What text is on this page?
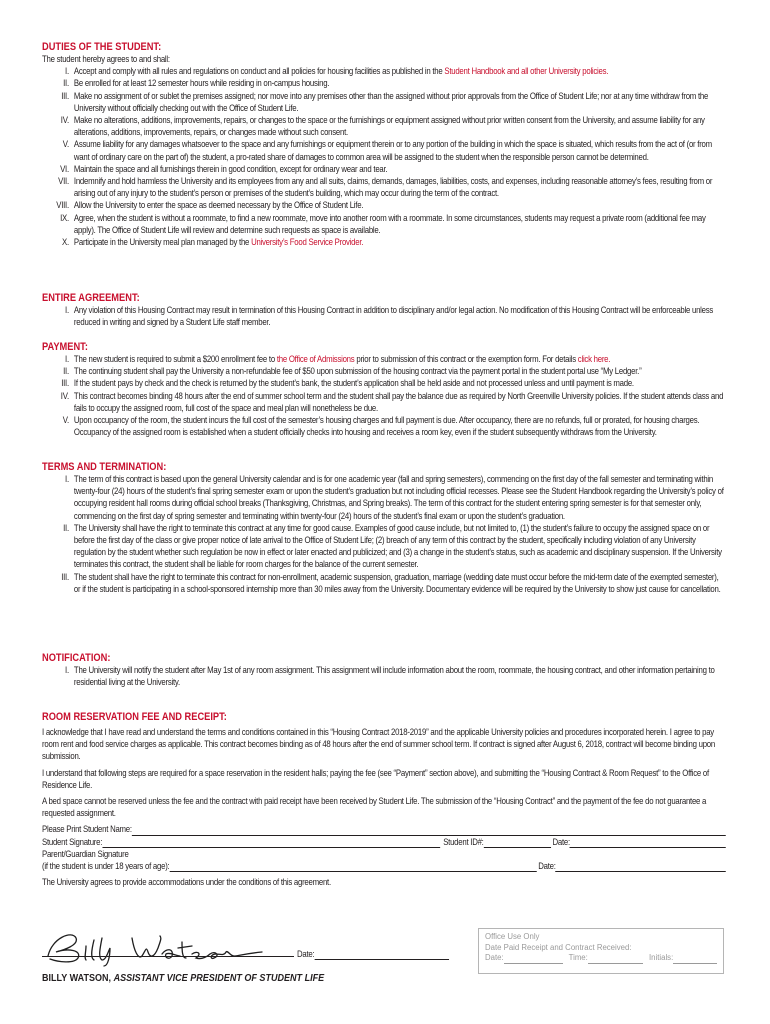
DUTIES OF THE STUDENT:

The student hereby agrees to and shall:
I. Accept and comply with all rules and regulations on conduct and all policies for housing facilities as published in the Student Handbook and all other University policies.
II. Be enrolled for at least 12 semester hours while residing in on-campus housing.
III. Make no assignment of or sublet the premises assigned; nor move into any premises other than the assigned without prior approvals from the Office of Student Life; nor at any time withdraw from the University without officially checking out with the Office of Student Life.
IV. Make no alterations, additions, improvements, repairs, or changes to the space or the furnishings or equipment assigned without prior written consent from the University, and assume liability for any alterations, additions, improvements, repairs, or changes made without such consent.
V. Assume liability for any damages whatsoever to the space and any furnishings or equipment therein or to any portion of the building in which the space is situated, which results from the act of (or from want of ordinary care on the part of) the student, a pro-rated share of damages to common area will be assigned to the student when the responsible person cannot be determined.
VI. Maintain the space and all furnishings therein in good condition, except for ordinary wear and tear.
VII. Indemnify and hold harmless the University and its employees from any and all suits, claims, demands, damages, liabilities, costs, and expenses, including reasonable attorney’s fees, resulting from or arising out of any injury to the student’s person or premises of the student’s building, which may occur during the term of the contract.
VIII. Allow the University to enter the space as deemed necessary by the Office of Student Life.
IX. Agree, when the student is without a roommate, to find a new roommate, move into another room with a roommate. In some circumstances, students may request a private room (additional fee may apply). The Office of Student Life will review and determine such requests as space is available.
X. Participate in the University meal plan managed by the University’s Food Service Provider.

ENTIRE AGREEMENT:

I. Any violation of this Housing Contract may result in termination of this Housing Contract in addition to disciplinary and/or legal action. No modification of this Housing Contract will be enforceable unless reduced in writing and signed by a Student Life staff member.

PAYMENT:

I. The new student is required to submit a $200 enrollment fee to the Office of Admissions prior to submission of this contract or the exemption form. For details click here.
II. The continuing student shall pay the University a non-refundable fee of $50 upon submission of the housing contract via the payment portal in the student portal use “My Ledger.”
III. If the student pays by check and the check is returned by the student’s bank, the student’s application shall be held aside and not processed unless and until payment is made.
IV. This contract becomes binding 48 hours after the end of summer school term and the student shall pay the balance due as required by North Greenville University policies. If the student attends class and fails to occupy the assigned room, full cost of the space and meal plan will nonetheless be due.
V. Upon occupancy of the room, the student incurs the full cost of the semester’s housing charges and full payment is due. After occupancy, there are no refunds, full or prorated, for housing charges. Occupancy of the assigned room is established when a student officially checks into housing and receives a room key, even if the student subsequently withdraws from the University.

TERMS AND TERMINATION:

I. The term of this contract is based upon the general University calendar and is for one academic year (fall and spring semesters), commencing on the first day of the fall semester and terminating within twenty-four (24) hours of the student’s final spring semester exam or upon the student’s graduation but not including official recesses. Please see the Student Handbook regarding the University’s policy of occupying resident hall rooms during official school breaks (Thanksgiving, Christmas, and Spring breaks). The term of this contract for the student entering spring semester is for that semester only, commencing on the first day of spring semester and terminating within twenty-four (24) hours of the student’s final exam or upon the student’s graduation.
II. The University shall have the right to terminate this contract at any time for good cause. Examples of good cause include, but not limited to, (1) the student’s failure to occupy the assigned space on or before the first day of the class or give proper notice of late arrival to the Office of Student Life; (2) breach of any term of this contract by the student, specifically including violation of any University regulation by the student whether such regulation be now in effect or later enacted and publicized; and (3) a change in the student’s status, such as academic and disciplinary suspension. If the University terminates this contract, the student shall be liable for room charges for the balance of the current semester.
III. The student shall have the right to terminate this contract for non-enrollment, academic suspension, graduation, marriage (wedding date must occur before the mid-term date of the exempted semester), or if the student is participating in a school-sponsored internship more than 30 miles away from the University. Documentary evidence will be required by the University to show just cause for cancellation.

NOTIFICATION:

I. The University will notify the student after May 1st of any room assignment. This assignment will include information about the room, roommate, the housing contract, and other information pertaining to residential living at the University.

ROOM RESERVATION FEE AND RECEIPT:

I acknowledge that I have read and understand the terms and conditions contained in this “Housing Contract 2018-2019” and the applicable University policies and procedures incorporated herein. I agree to pay room rent and food service charges as applicable. This contract becomes binding as of 48 hours after the end of summer school term. If contract is signed after August 6, 2018, contract will become binding upon submission.

I understand that following steps are required for a space reservation in the resident halls; paying the fee (see “Payment” section above), and submitting the “Housing Contract & Room Request” to the Office of Residence Life.

A bed space cannot be reserved unless the fee and the contract with paid receipt have been received by Student Life. The submission of the “Housing Contract” and the payment of the fee do not guarantee a requested assignment.

Please Print Student Name:
Student Signature:	Student ID#:	Date:
Parent/Guardian Signature
(if the student is under 18 years of age):	Date:
The University agrees to provide accommodations under the conditions of this agreement.
Date:
BILLY WATSON, ASSISTANT VICE PRESIDENT OF STUDENT LIFE
Office Use Only
Date Paid Receipt and Contract Received:
Date:	Time:	Initials:
